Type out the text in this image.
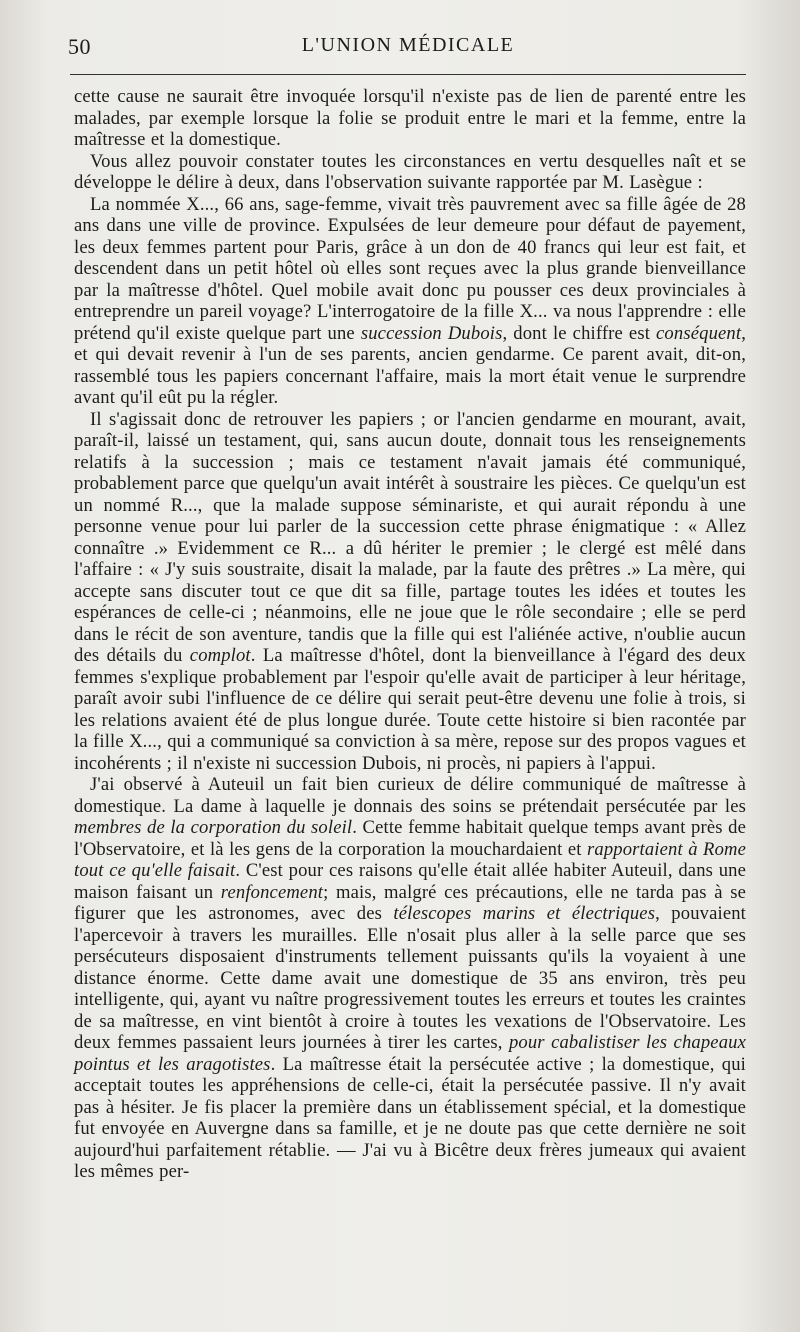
50	L'UNION MÉDICALE

cette cause ne saurait être invoquée lorsqu'il n'existe pas de lien de parenté entre les malades, par exemple lorsque la folie se produit entre le mari et la femme, entre la maîtresse et la domestique.

Vous allez pouvoir constater toutes les circonstances en vertu desquelles naît et se développe le délire à deux, dans l'observation suivante rapportée par M. Lasègue :

La nommée X..., 66 ans, sage-femme, vivait très pauvrement avec sa fille âgée de 28 ans dans une ville de province. Expulsées de leur demeure pour défaut de payement, les deux femmes partent pour Paris, grâce à un don de 40 francs qui leur est fait, et descendent dans un petit hôtel où elles sont reçues avec la plus grande bienveillance par la maîtresse d'hôtel. Quel mobile avait donc pu pousser ces deux provinciales à entreprendre un pareil voyage? L'interrogatoire de la fille X... va nous l'apprendre : elle prétend qu'il existe quelque part une succession Dubois, dont le chiffre est conséquent, et qui devait revenir à l'un de ses parents, ancien gendarme. Ce parent avait, dit-on, rassemblé tous les papiers concernant l'affaire, mais la mort était venue le surprendre avant qu'il eût pu la régler.

Il s'agissait donc de retrouver les papiers ; or l'ancien gendarme en mourant, avait, paraît-il, laissé un testament, qui, sans aucun doute, donnait tous les renseignements relatifs à la succession ; mais ce testament n'avait jamais été communiqué, probablement parce que quelqu'un avait intérêt à soustraire les pièces. Ce quelqu'un est un nommé R..., que la malade suppose séminariste, et qui aurait répondu à une personne venue pour lui parler de la succession cette phrase énigmatique : « Allez connaître .» Evidemment ce R... a dû hériter le premier ; le clergé est mêlé dans l'affaire : « J'y suis soustraite, disait la malade, par la faute des prêtres .» La mère, qui accepte sans discuter tout ce que dit sa fille, partage toutes les idées et toutes les espérances de celle-ci ; néanmoins, elle ne joue que le rôle secondaire ; elle se perd dans le récit de son aventure, tandis que la fille qui est l'aliénée active, n'oublie aucun des détails du complot. La maîtresse d'hôtel, dont la bienveillance à l'égard des deux femmes s'explique probablement par l'espoir qu'elle avait de participer à leur héritage, paraît avoir subi l'influence de ce délire qui serait peut-être devenu une folie à trois, si les relations avaient été de plus longue durée. Toute cette histoire si bien racontée par la fille X..., qui a communiqué sa conviction à sa mère, repose sur des propos vagues et incohérents ; il n'existe ni succession Dubois, ni procès, ni papiers à l'appui.

J'ai observé à Auteuil un fait bien curieux de délire communiqué de maîtresse à domestique. La dame à laquelle je donnais des soins se prétendait persécutée par les membres de la corporation du soleil. Cette femme habitait quelque temps avant près de l'Observatoire, et là les gens de la corporation la mouchardaient et rapportaient à Rome tout ce qu'elle faisait. C'est pour ces raisons qu'elle était allée habiter Auteuil, dans une maison faisant un renfoncement; mais, malgré ces précautions, elle ne tarda pas à se figurer que les astronomes, avec des télescopes marins et électriques, pouvaient l'apercevoir à travers les murailles. Elle n'osait plus aller à la selle parce que ses persécuteurs disposaient d'instruments tellement puissants qu'ils la voyaient à une distance énorme. Cette dame avait une domestique de 35 ans environ, très peu intelligente, qui, ayant vu naître progressivement toutes les erreurs et toutes les craintes de sa maîtresse, en vint bientôt à croire à toutes les vexations de l'Observatoire. Les deux femmes passaient leurs journées à tirer les cartes, pour cabalistiser les chapeaux pointus et les aragotistes. La maîtresse était la persécutée active ; la domestique, qui acceptait toutes les appréhensions de celle-ci, était la persécutée passive. Il n'y avait pas à hésiter. Je fis placer la première dans un établissement spécial, et la domestique fut envoyée en Auvergne dans sa famille, et je ne doute pas que cette dernière ne soit aujourd'hui parfaitement rétablie. — J'ai vu à Bicêtre deux frères jumeaux qui avaient les mêmes per-
